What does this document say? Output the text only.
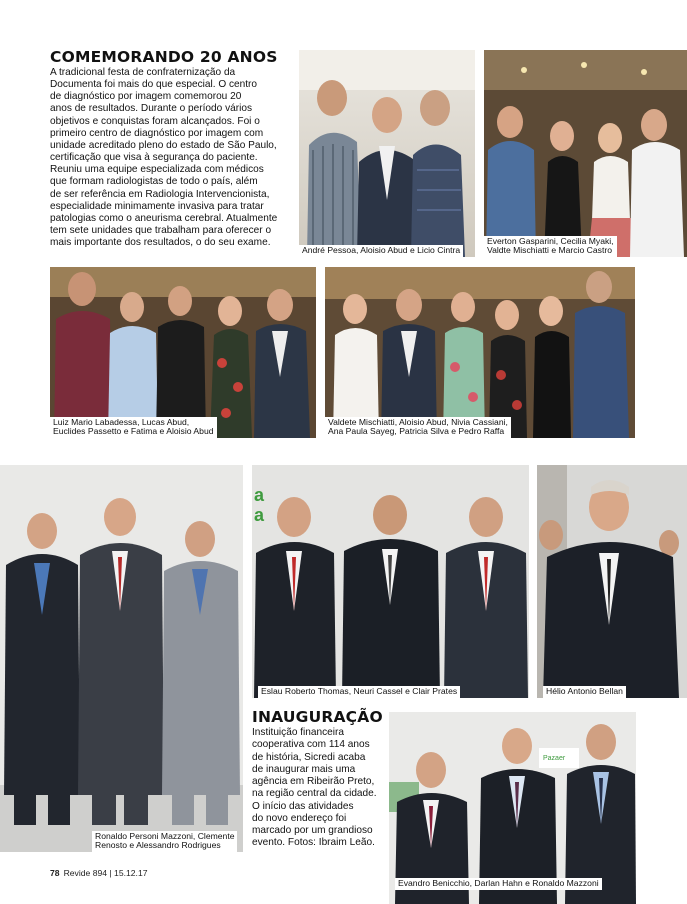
COMEMORANDO 20 ANOS
A tradicional festa de confraternização da
Documenta foi mais do que especial. O centro
de diagnóstico por imagem comemorou 20
anos de resultados. Durante o período vários
objetivos e conquistas foram alcançados. Foi o
primeiro centro de diagnóstico por imagem com
unidade acreditado pleno do estado de São Paulo,
certificação que visa à segurança do paciente.
Reuniu uma equipe especializada com médicos
que formam radiologistas de todo o país, além
de ser referência em Radiologia Intervencionista,
especialidade minimamente invasiva para tratar
patologias como o aneurisma cerebral. Atualmente
tem sete unidades que trabalham para oferecer o
mais importante dos resultados, o do seu exame.
André Pessoa, Aloisio Abud e Licio Cintra
Everton Gasparini, Cecilia Myaki,
Valdte Mischiatti e Marcio Castro
Luiz Mario Labadessa, Lucas Abud,
Euclides Passetto e Fatima e Aloisio Abud
Valdete Mischiatti, Aloisio Abud, Nivia Cassiani,
Ana Paula Sayeg, Patricia Silva e Pedro Raffa
Ronaldo Personi Mazzoni, Clemente
Renosto e Alessandro Rodrigues
a
a
Eslau Roberto Thomas, Neuri Cassel e Clair Prates	Hélio Antonio Bellan
INAUGURAÇÃO
Instituição financeira
cooperativa com 114 anos
de história, Sicredi acaba
de inaugurar mais uma
agência em Ribeirão Preto,
na região central da cidade.
O início das atividades
do novo endereço foi
marcado por um grandioso
evento. Fotos: Ibraim Leão.
Pazaer
Evandro Benicchio, Darlan Hahn e Ronaldo Mazzoni
78 Revide 894 | 15.12.17
